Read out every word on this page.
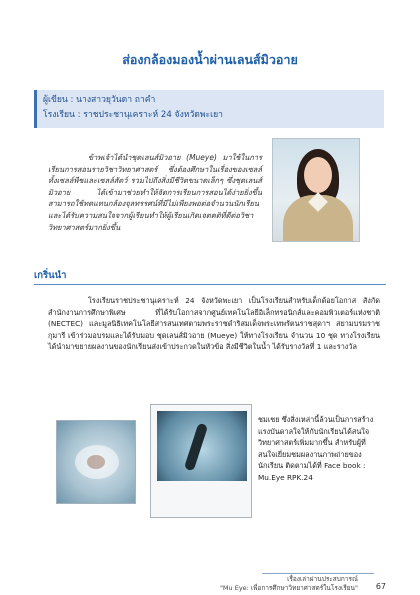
ส่องกล้องมองน้ำผ่านเลนส์มิวอาย
ผู้เขียน : นางสาวยุวันดา ถาคำ
โรงเรียน : ราชประชานุเคราะห์ 24 จังหวัดพะเยา

ข้าพเจ้าได้นำชุดเลนส์มิวอาย (Mueye) มาใช้ในการเรียนการสอนรายวิชาวิทยาศาสตร์ ซึ่งต้องศึกษาในเรื่องของเซลล์ทั้งเซลล์พืชและเซลล์สัตว์ รวมไปถึงสิ่งมีชีวิตขนาดเล็กๆ ซึ่งชุดเลนส์มิวอาย ได้เข้ามาช่วยทำให้จัดการเรียนการสอนได้ง่ายยิ่งขึ้น สามารถใช้ทดแทนกล้องจุลทรรศน์ที่มีไม่เพียงพอต่อจำนวนนักเรียน และได้รับความสนใจจากผู้เรียนทำให้ผู้เรียนเกิดเจตคติที่ดีต่อวิชาวิทยาศาสตร์มากยิ่งขึ้น

เกริ่นนำ

โรงเรียนราชประชานุเคราะห์ 24 จังหวัดพะเยา เป็นโรงเรียนสำหรับเด็กด้อยโอกาส สังกัดสำนักงานการศึกษาพิเศษ ที่ได้รับโอกาสจากศูนย์เทคโนโลยีอิเล็กทรอนิกส์และคอมพิวเตอร์แห่งชาติ (NECTEC) และมูลนิธิเทคโนโลยีสารสนเทศตามพระราชดำริสมเด็จพระเทพรัตนราชสุดาฯ สยามบรมราชกุมารี เข้าร่วมอบรมและได้รับมอบ ชุดเลนส์มิวอาย (Mueye) ให้ทางโรงเรียน จำนวน 10 ชุด ทางโรงเรียนได้นำมาขยายผลงานของนักเรียนส่งเข้าประกวดในหัวข้อ สิ่งมีชีวิตในน้ำ ได้รับรางวัลที่ 1 และรางวัล

ชมเชย ซึ่งสิ่งเหล่านี้ล้วนเป็นการสร้างแรงบันดาลใจให้กับนักเรียนได้สนใจวิทยาศาสตร์เพิ่มมากขึ้น สำหรับผู้ที่สนใจเยี่ยมชมผลงานภาพถ่ายของนักเรียน ติดตามได้ที่ Face book : Mu.Eye RPK.24
เรื่องเล่าผ่านประสบการณ์
"Mu Eye: เพื่อการศึกษาวิทยาศาสตร์ในโรงเรียน" 67
